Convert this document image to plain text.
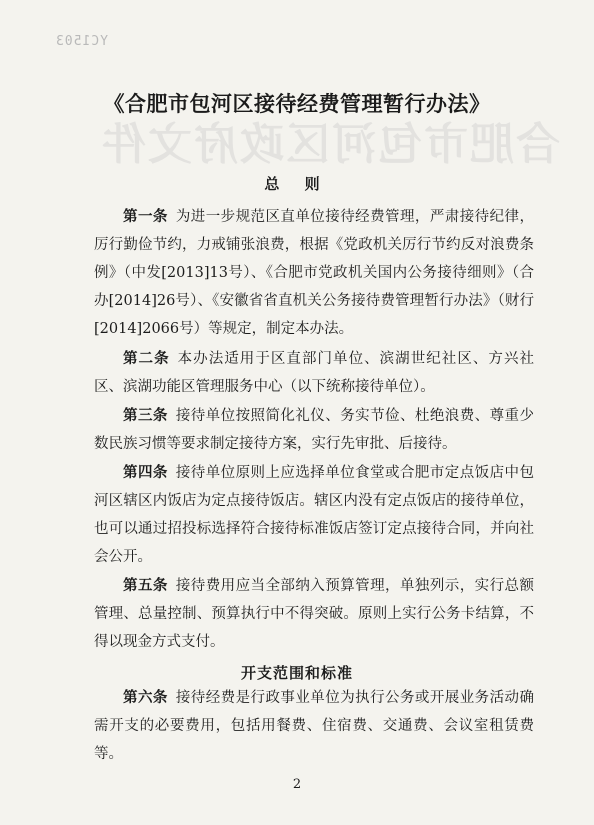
合肥市包河区政府文件
YC1503
《合肥市包河区接待经费管理暂行办法》
总 则

第一条 为进一步规范区直单位接待经费管理，严肃接待纪律，厉行勤俭节约，力戒铺张浪费，根据《党政机关厉行节约反对浪费条例》（中发[2013]13号）、《合肥市党政机关国内公务接待细则》（合办[2014]26号）、《安徽省省直机关公务接待费管理暂行办法》（财行[2014]2066号）等规定，制定本办法。

第二条 本办法适用于区直部门单位、滨湖世纪社区、方兴社区、滨湖功能区管理服务中心（以下统称接待单位）。

第三条 接待单位按照简化礼仪、务实节俭、杜绝浪费、尊重少数民族习惯等要求制定接待方案，实行先审批、后接待。

第四条 接待单位原则上应选择单位食堂或合肥市定点饭店中包河区辖区内饭店为定点接待饭店。辖区内没有定点饭店的接待单位，也可以通过招投标选择符合接待标准饭店签订定点接待合同，并向社会公开。

第五条 接待费用应当全部纳入预算管理，单独列示，实行总额管理、总量控制、预算执行中不得突破。原则上实行公务卡结算，不得以现金方式支付。

开支范围和标准

第六条 接待经费是行政事业单位为执行公务或开展业务活动确需开支的必要费用，包括用餐费、住宿费、交通费、会议室租赁费等。

2
